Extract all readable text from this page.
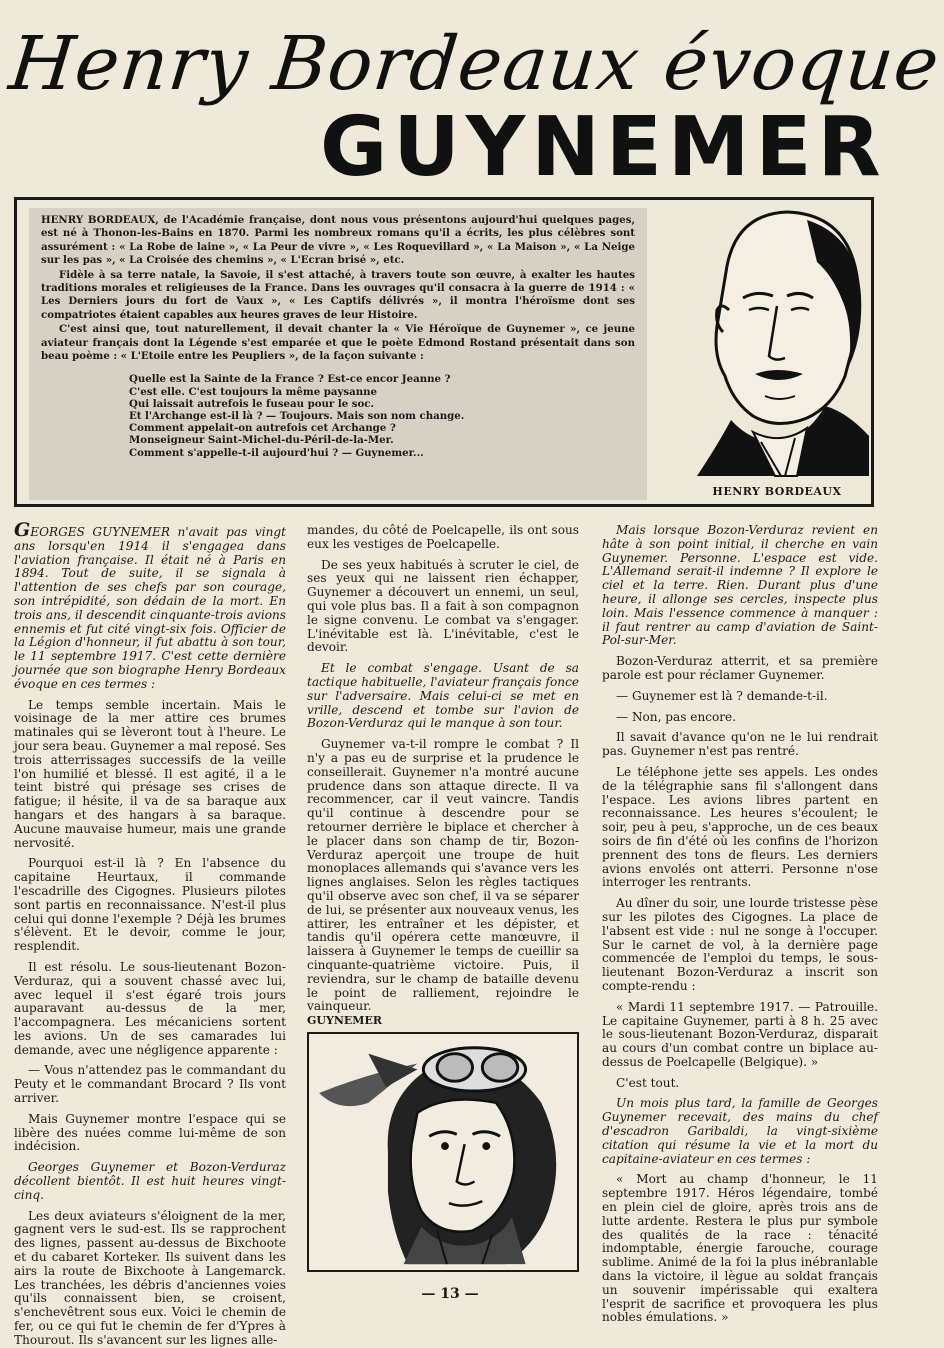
Henry Bordeaux évoque
GUYNEMER

HENRY BORDEAUX, de l'Académie française, dont nous vous présentons aujourd'hui quelques pages, est né à Thonon-les-Bains en 1870. Parmi les nombreux romans qu'il a écrits, les plus célèbres sont assurément : « La Robe de laine », « La Peur de vivre », « Les Roquevillard », « La Maison », « La Neige sur les pas », « La Croisée des chemins », « L'Ecran brisé », etc.

Fidèle à sa terre natale, la Savoie, il s'est attaché, à travers toute son œuvre, à exalter les hautes traditions morales et religieuses de la France. Dans les ouvrages qu'il consacra à la guerre de 1914 : « Les Derniers jours du fort de Vaux », « Les Captifs délivrés », il montra l'héroïsme dont ses compatriotes étaient capables aux heures graves de leur Histoire.

C'est ainsi que, tout naturellement, il devait chanter la « Vie Héroïque de Guynemer », ce jeune aviateur français dont la Légende s'est emparée et que le poète Edmond Rostand présentait dans son beau poème : « L'Etoile entre les Peupliers », de la façon suivante :

Quelle est la Sainte de la France ? Est-ce encor Jeanne ?
C'est elle. C'est toujours la même paysanne
Qui laissait autrefois le fuseau pour le soc.
Et l'Archange est-il là ? — Toujours. Mais son nom change.
Comment appelait-on autrefois cet Archange ?
Monseigneur Saint-Michel-du-Péril-de-la-Mer.
Comment s'appelle-t-il aujourd'hui ? — Guynemer...
HENRY BORDEAUX

GEORGES GUYNEMER n'avait pas vingt ans lorsqu'en 1914 il s'engagea dans l'aviation française. Il était né à Paris en 1894. Tout de suite, il se signala à l'attention de ses chefs par son courage, son intrépidité, son dédain de la mort. En trois ans, il descendit cinquante-trois avions ennemis et fut cité vingt-six fois. Officier de la Légion d'honneur, il fut abattu à son tour, le 11 septembre 1917. C'est cette dernière journée que son biographe Henry Bordeaux évoque en ces termes :

Le temps semble incertain. Mais le voisinage de la mer attire ces brumes matinales qui se lèveront tout à l'heure. Le jour sera beau. Guynemer a mal reposé. Ses trois atterrissages successifs de la veille l'on humilié et blessé. Il est agité, il a le teint bistré qui présage ses crises de fatigue; il hésite, il va de sa baraque aux hangars et des hangars à sa baraque. Aucune mauvaise humeur, mais une grande nervosité.

Pourquoi est-il là ? En l'absence du capitaine Heurtaux, il commande l'escadrille des Cigognes. Plusieurs pilotes sont partis en reconnaissance. N'est-il plus celui qui donne l'exemple ? Déjà les brumes s'élèvent. Et le devoir, comme le jour, resplendit.

Il est résolu. Le sous-lieutenant Bozon-Verduraz, qui a souvent chassé avec lui, avec lequel il s'est égaré trois jours auparavant au-dessus de la mer, l'accompagnera. Les mécaniciens sortent les avions. Un de ses camarades lui demande, avec une négligence apparente :

— Vous n'attendez pas le commandant du Peuty et le commandant Brocard ? Ils vont arriver.

Mais Guynemer montre l'espace qui se libère des nuées comme lui-même de son indécision.

Georges Guynemer et Bozon-Verduraz décollent bientôt. Il est huit heures vingt-cinq.

Les deux aviateurs s'éloignent de la mer, gagnent vers le sud-est. Ils se rapprochent des lignes, passent au-dessus de Bixchoote et du cabaret Korteker. Ils suivent dans les airs la route de Bixchoote à Langemarck. Les tranchées, les débris d'anciennes voies qu'ils connaissent bien, se croisent, s'enchevêtrent sous eux. Voici le chemin de fer, ou ce qui fut le chemin de fer d'Ypres à Thourout. Ils s'avancent sur les lignes alle-

mandes, du côté de Poelcapelle, ils ont sous eux les vestiges de Poelcapelle.

De ses yeux habitués à scruter le ciel, de ses yeux qui ne laissent rien échapper, Guynemer a découvert un ennemi, un seul, qui vole plus bas. Il a fait à son compagnon le signe convenu. Le combat va s'engager. L'inévitable est là. L'inévitable, c'est le devoir.

Et le combat s'engage. Usant de sa tactique habituelle, l'aviateur français fonce sur l'adversaire. Mais celui-ci se met en vrille, descend et tombe sur l'avion de Bozon-Verduraz qui le manque à son tour.

Guynemer va-t-il rompre le combat ? Il n'y a pas eu de surprise et la prudence le conseillerait. Guynemer n'a montré aucune prudence dans son attaque directe. Il va recommencer, car il veut vaincre. Tandis qu'il continue à descendre pour se retourner derrière le biplace et chercher à le placer dans son champ de tir, Bozon-Verduraz aperçoit une troupe de huit monoplaces allemands qui s'avance vers les lignes anglaises. Selon les règles tactiques qu'il observe avec son chef, il va se séparer de lui, se présenter aux nouveaux venus, les attirer, les entraîner et les dépister, et tandis qu'il opérera cette manœuvre, il laissera à Guynemer le temps de cueillir sa cinquante-quatrième victoire. Puis, il reviendra, sur le champ de bataille devenu le point de ralliement, rejoindre le vainqueur.

GUYNEMER

Mais lorsque Bozon-Verduraz revient en hâte à son point initial, il cherche en vain Guynemer. Personne. L'espace est vide. L'Allemand serait-il indemne ? Il explore le ciel et la terre. Rien. Durant plus d'une heure, il allonge ses cercles, inspecte plus loin. Mais l'essence commence à manquer : il faut rentrer au camp d'aviation de Saint-Pol-sur-Mer.

Bozon-Verduraz atterrit, et sa première parole est pour réclamer Guynemer.

— Guynemer est là ? demande-t-il.

— Non, pas encore.

Il savait d'avance qu'on ne le lui rendrait pas. Guynemer n'est pas rentré.

Le téléphone jette ses appels. Les ondes de la télégraphie sans fil s'allongent dans l'espace. Les avions libres partent en reconnaissance. Les heures s'écoulent; le soir, peu à peu, s'approche, un de ces beaux soirs de fin d'été où les confins de l'horizon prennent des tons de fleurs. Les derniers avions envolés ont atterri. Personne n'ose interroger les rentrants.

Au dîner du soir, une lourde tristesse pèse sur les pilotes des Cigognes. La place de l'absent est vide : nul ne songe à l'occuper. Sur le carnet de vol, à la dernière page commencée de l'emploi du temps, le sous-lieutenant Bozon-Verduraz a inscrit son compte-rendu :

« Mardi 11 septembre 1917. — Patrouille. Le capitaine Guynemer, parti à 8 h. 25 avec le sous-lieutenant Bozon-Verduraz, disparait au cours d'un combat contre un biplace au-dessus de Poelcapelle (Belgique). »

C'est tout.

Un mois plus tard, la famille de Georges Guynemer recevait, des mains du chef d'escadron Garibaldi, la vingt-sixième citation qui résume la vie et la mort du capitaine-aviateur en ces termes :

« Mort au champ d'honneur, le 11 septembre 1917. Héros légendaire, tombé en plein ciel de gloire, après trois ans de lutte ardente. Restera le plus pur symbole des qualités de la race : ténacité indomptable, énergie farouche, courage sublime. Animé de la foi la plus inébranlable dans la victoire, il lègue au soldat français un souvenir impérissable qui exaltera l'esprit de sacrifice et provoquera les plus nobles émulations. »

— 13 —
